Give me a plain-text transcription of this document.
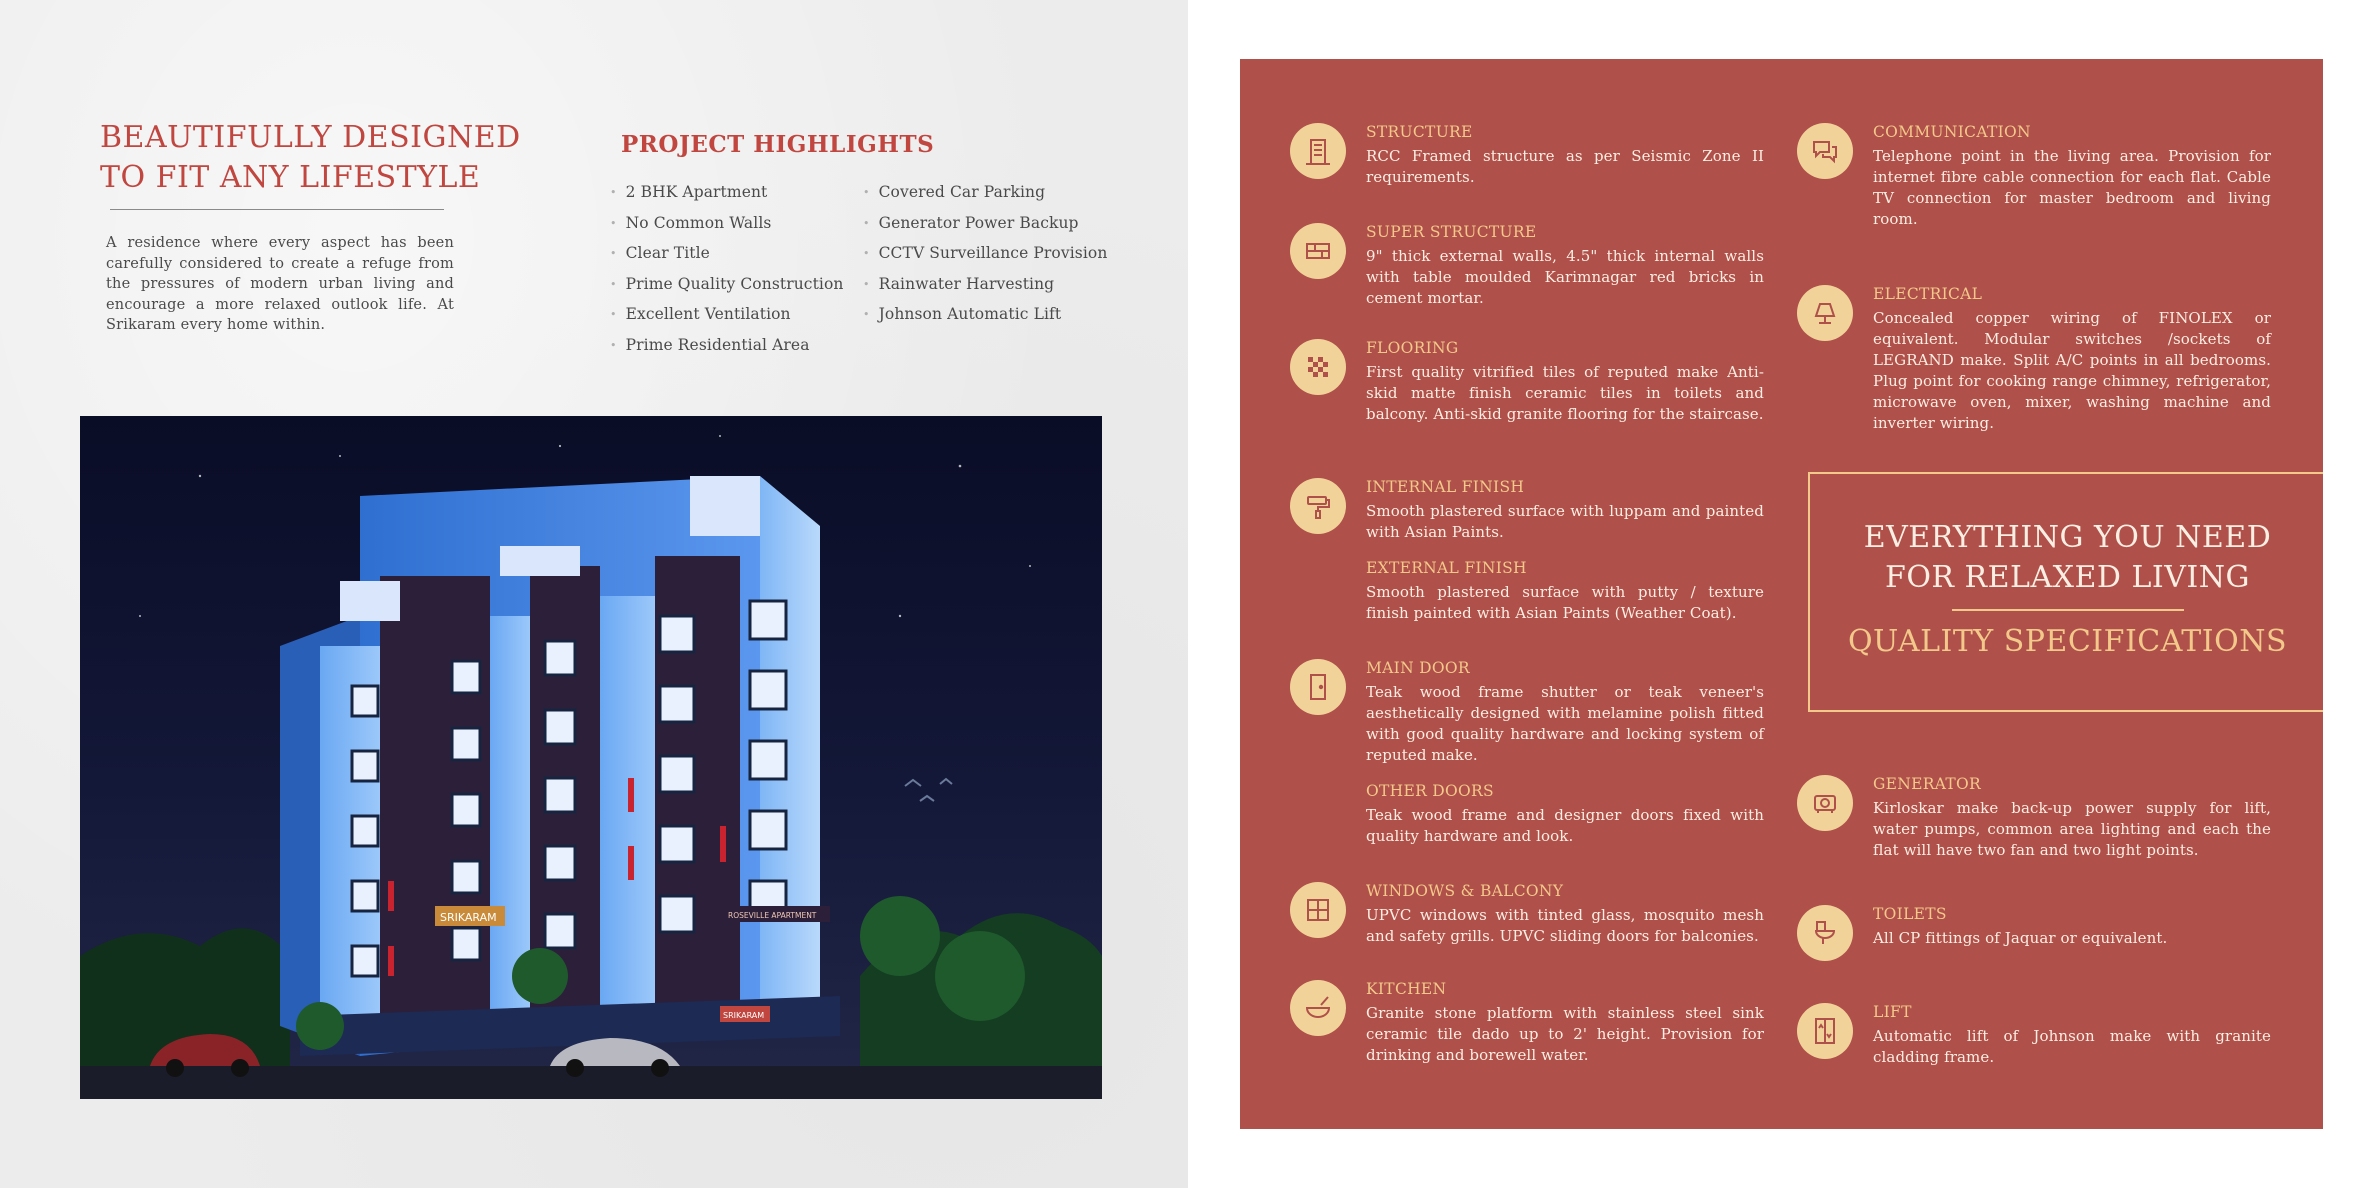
BEAUTIFULLY DESIGNED
TO FIT ANY LIFESTYLE

A residence where every aspect has been carefully considered to create a refuge from the pressures of modern urban living and encourage a more relaxed outlook life. At Srikaram every home within.

PROJECT HIGHLIGHTS
• 2 BHK Apartment
• No Common Walls
• Clear Title
• Prime Quality Construction
• Excellent Ventilation
• Prime Residential Area
• Covered Car Parking
• Generator Power Backup
• CCTV Surveillance Provision
• Rainwater Harvesting
• Johnson Automatic Lift
SRIKARAM	ROSEVILLE APARTMENT
SRIKARAM
STRUCTURE
RCC Framed structure as per Seismic Zone II requirements.
SUPER STRUCTURE
9" thick external walls, 4.5" thick internal walls with table moulded Karimnagar red bricks in cement mortar.
FLOORING
First quality vitrified tiles of reputed make Anti-skid matte finish ceramic tiles in toilets and balcony. Anti-skid granite flooring for the staircase.
INTERNAL FINISH
Smooth plastered surface with luppam and painted with Asian Paints.
EXTERNAL FINISH
Smooth plastered surface with putty / texture finish painted with Asian Paints (Weather Coat).
MAIN DOOR
Teak wood frame shutter or teak veneer's aesthetically designed with melamine polish fitted with good quality hardware and locking system of reputed make.
OTHER DOORS
Teak wood frame and designer doors fixed with quality hardware and look.
WINDOWS & BALCONY
UPVC windows with tinted glass, mosquito mesh and safety grills. UPVC sliding doors for balconies.
KITCHEN
Granite stone platform with stainless steel sink ceramic tile dado up to 2' height. Provision for drinking and borewell water.
COMMUNICATION
Telephone point in the living area. Provision for internet fibre cable connection for each flat. Cable TV connection for master bedroom and living room.
ELECTRICAL
Concealed copper wiring of FINOLEX or equivalent. Modular switches /sockets of LEGRAND make. Split A/C points in all bedrooms. Plug point for cooking range chimney, refrigerator, microwave oven, mixer, washing machine and inverter wiring.
GENERATOR
Kirloskar make back-up power supply for lift, water pumps, common area lighting and each the flat will have two fan and two light points.
TOILETS
All CP fittings of Jaquar or equivalent.
LIFT
Automatic lift of Johnson make with granite cladding frame.
EVERYTHING YOU NEED
FOR RELAXED LIVING
QUALITY SPECIFICATIONS
